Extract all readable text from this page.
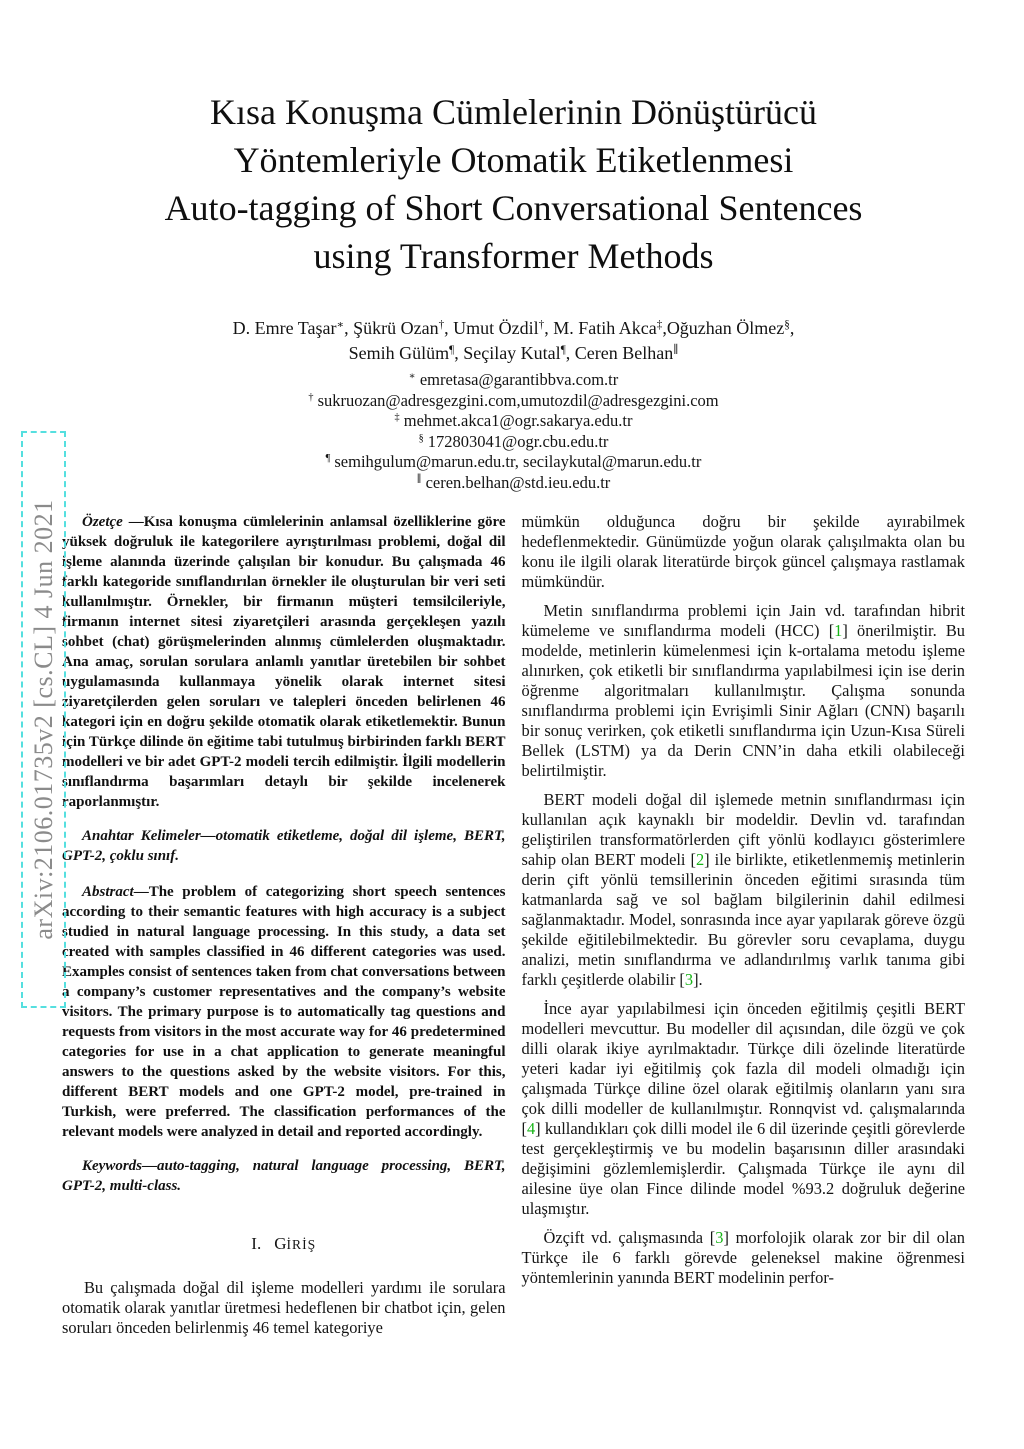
arXiv:2106.01735v2 [cs.CL] 4 Jun 2021
Kısa Konuşma Cümlelerinin Dönüştürücü
Yöntemleriyle Otomatik Etiketlenmesi
Auto-tagging of Short Conversational Sentences
using Transformer Methods
D. Emre Taşar∗, Şükrü Ozan†, Umut Özdil†, M. Fatih Akca‡,Oğuzhan Ölmez§,
Semih Gülüm¶, Seçilay Kutal¶, Ceren Belhan∥
∗ emretasa@garantibbva.com.tr
† sukruozan@adresgezgini.com,umutozdil@adresgezgini.com
‡ mehmet.akca1@ogr.sakarya.edu.tr
§ 172803041@ogr.cbu.edu.tr
¶ semihgulum@marun.edu.tr, secilaykutal@marun.edu.tr
∥ ceren.belhan@std.ieu.edu.tr

Özetçe —Kısa konuşma cümlelerinin anlamsal özelliklerine göre yüksek doğruluk ile kategorilere ayrıştırılması problemi, doğal dil işleme alanında üzerinde çalışılan bir konudur. Bu çalışmada 46 farklı kategoride sınıflandırılan örnekler ile oluşturulan bir veri seti kullanılmıştır. Örnekler, bir firmanın müşteri temsilcileriyle, firmanın internet sitesi ziyaretçileri arasında gerçekleşen yazılı sohbet (chat) görüşmelerinden alınmış cümlelerden oluşmaktadır. Ana amaç, sorulan sorulara anlamlı yanıtlar üretebilen bir sohbet uygulamasında kullanmaya yönelik olarak internet sitesi ziyaretçilerden gelen soruları ve talepleri önceden belirlenen 46 kategori için en doğru şekilde otomatik olarak etiketlemektir. Bunun için Türkçe dilinde ön eğitime tabi tutulmuş birbirinden farklı BERT modelleri ve bir adet GPT-2 modeli tercih edilmiştir. İlgili modellerin sınıflandırma başarımları detaylı bir şekilde incelenerek raporlanmıştır.

Anahtar Kelimeler—otomatik etiketleme, doğal dil işleme, BERT, GPT-2, çoklu sınıf.

Abstract—The problem of categorizing short speech sentences according to their semantic features with high accuracy is a subject studied in natural language processing. In this study, a data set created with samples classified in 46 different categories was used. Examples consist of sentences taken from chat conversations between a company’s customer representatives and the company’s website visitors. The primary purpose is to automatically tag questions and requests from visitors in the most accurate way for 46 predetermined categories for use in a chat application to generate meaningful answers to the questions asked by the website visitors. For this, different BERT models and one GPT-2 model, pre-trained in Turkish, were preferred. The classification performances of the relevant models were analyzed in detail and reported accordingly.

Keywords—auto-tagging, natural language processing, BERT, GPT-2, multi-class.

I. GİRİŞ

Bu çalışmada doğal dil işleme modelleri yardımı ile sorulara otomatik olarak yanıtlar üretmesi hedeflenen bir chatbot için, gelen soruları önceden belirlenmiş 46 temel kategoriye

mümkün olduğunca doğru bir şekilde ayırabilmek hedeflenmektedir. Günümüzde yoğun olarak çalışılmakta olan bu konu ile ilgili olarak literatürde birçok güncel çalışmaya rastlamak mümkündür.

Metin sınıflandırma problemi için Jain vd. tarafından hibrit kümeleme ve sınıflandırma modeli (HCC) [1] önerilmiştir. Bu modelde, metinlerin kümelenmesi için k-ortalama metodu işleme alınırken, çok etiketli bir sınıflandırma yapılabilmesi için ise derin öğrenme algoritmaları kullanılmıştır. Çalışma sonunda sınıflandırma problemi için Evrişimli Sinir Ağları (CNN) başarılı bir sonuç verirken, çok etiketli sınıflandırma için Uzun-Kısa Süreli Bellek (LSTM) ya da Derin CNN’in daha etkili olabileceği belirtilmiştir.

BERT modeli doğal dil işlemede metnin sınıflandırması için kullanılan açık kaynaklı bir modeldir. Devlin vd. tarafından geliştirilen transformatörlerden çift yönlü kodlayıcı gösterimlere sahip olan BERT modeli [2] ile birlikte, etiketlenmemiş metinlerin derin çift yönlü temsillerinin önceden eğitimi sırasında tüm katmanlarda sağ ve sol bağlam bilgilerinin dahil edilmesi sağlanmaktadır. Model, sonrasında ince ayar yapılarak göreve özgü şekilde eğitilebilmektedir. Bu görevler soru cevaplama, duygu analizi, metin sınıflandırma ve adlandırılmış varlık tanıma gibi farklı çeşitlerde olabilir [3].

İnce ayar yapılabilmesi için önceden eğitilmiş çeşitli BERT modelleri mevcuttur. Bu modeller dil açısından, dile özgü ve çok dilli olarak ikiye ayrılmaktadır. Türkçe dili özelinde literatürde yeteri kadar iyi eğitilmiş çok fazla dil modeli olmadığı için çalışmada Türkçe diline özel olarak eğitilmiş olanların yanı sıra çok dilli modeller de kullanılmıştır. Ronnqvist vd. çalışmalarında [4] kullandıkları çok dilli model ile 6 dil üzerinde çeşitli görevlerde test gerçekleştirmiş ve bu modelin başarısının diller arasındaki değişimini gözlemlemişlerdir. Çalışmada Türkçe ile aynı dil ailesine üye olan Fince dilinde model %93.2 doğruluk değerine ulaşmıştır.

Özçift vd. çalışmasında [3] morfolojik olarak zor bir dil olan Türkçe ile 6 farklı görevde geleneksel makine öğrenmesi yöntemlerinin yanında BERT modelinin perfor-
